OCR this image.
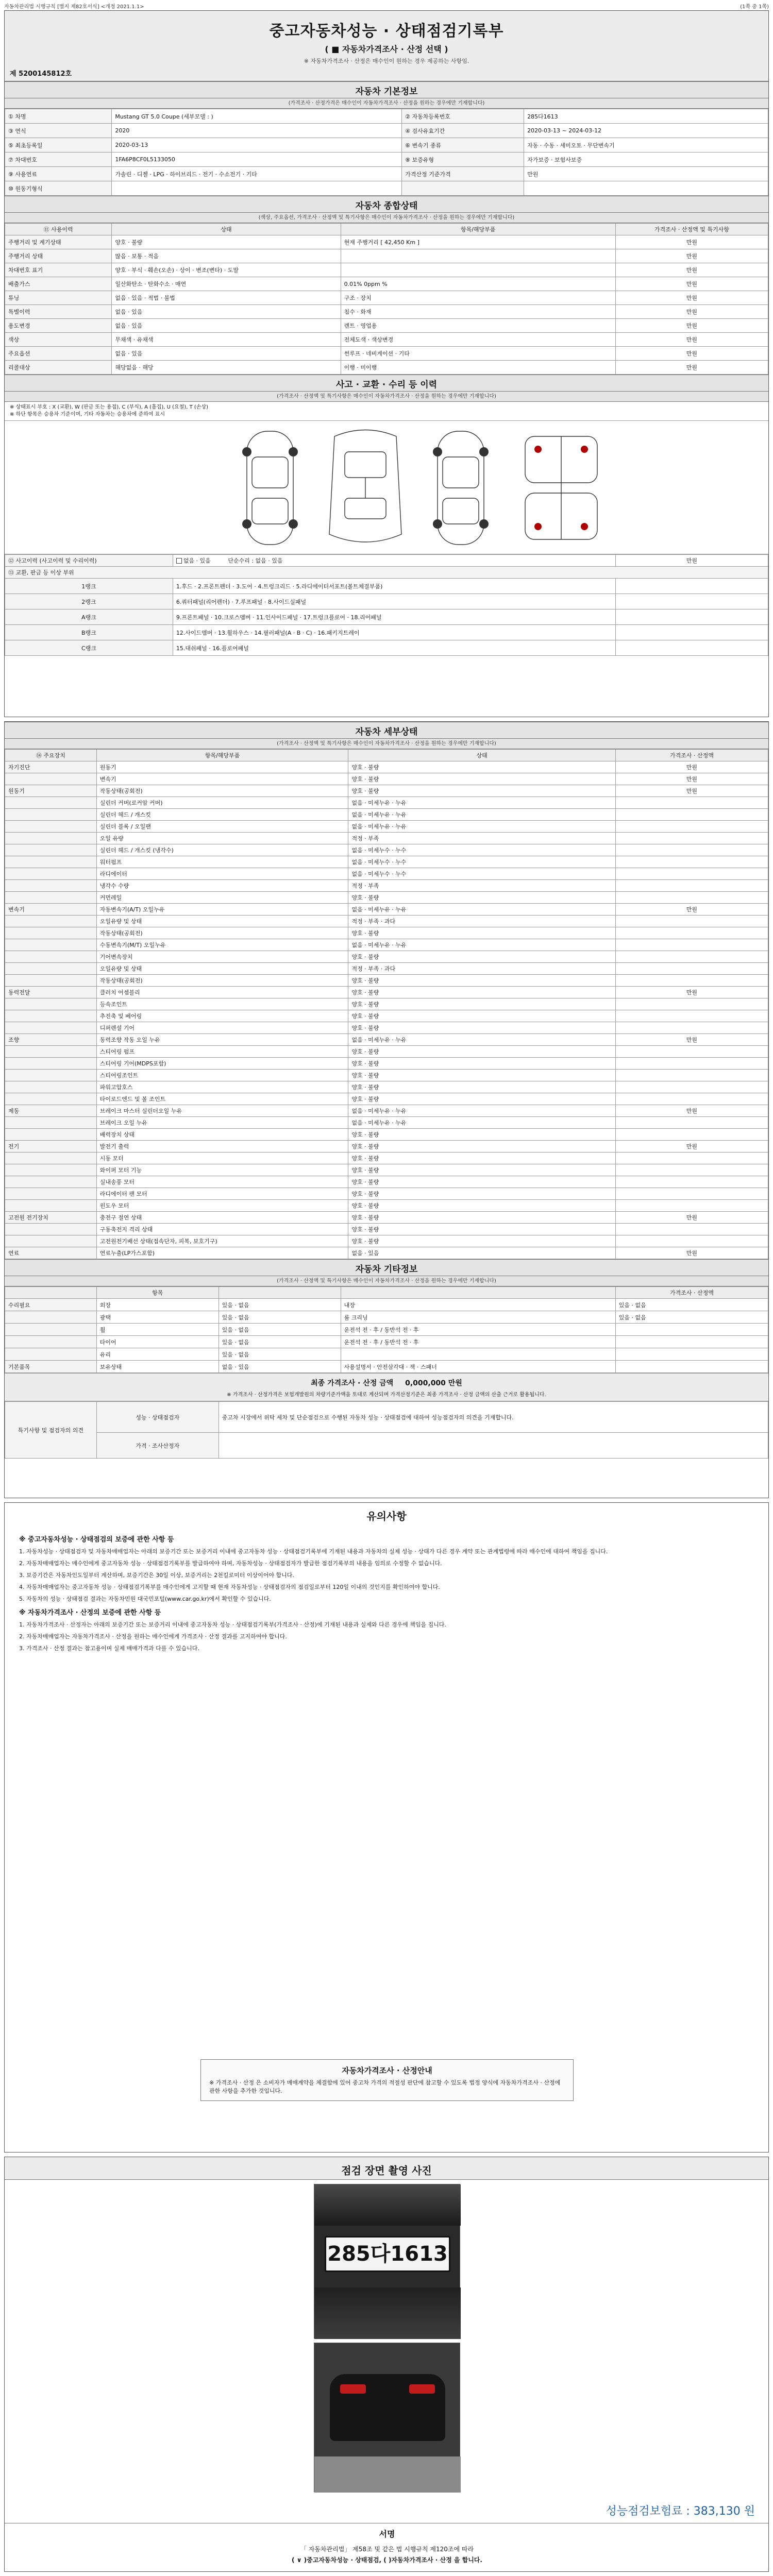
자동차관리법 시행규칙 [별지 제82호서식] <개정 2021.1.1>	(1쪽 중 1쪽)
중고자동차성능 · 상태점검기록부
( ■ 자동차가격조사 · 산정 선택 )
※ 자동차가격조사 · 산정은 매수인이 원하는 경우 제공하는 사항임.
제 5200145812호
자동차 기본정보
(가격조사 · 산정가격은 매수인이 자동차가격조사 · 산정을 원하는 경우에만 기재합니다)
① 차명	Mustang GT 5.0 Coupe (세부모델 : )	② 자동차등록번호	285다1613
③ 연식	2020	④ 검사유효기간	2020-03-13 ~ 2024-03-12
⑤ 최초등록일	2020-03-13	⑥ 변속기 종류	자동 · 수동 · 세미오토 · 무단변속기
⑦ 차대번호	1FA6P8CF0L5133050	⑧ 보증유형	자가보증 · 보험사보증
⑨ 사용연료	가솔린 · 디젤 · LPG · 하이브리드 · 전기 · 수소전기 · 기타	가격산정 기준가격	만원
⑩ 원동기형식			
자동차 종합상태
(색상, 주요옵션, 가격조사 · 산정액 및 특기사항은 매수인이 자동차가격조사 · 산정을 원하는 경우에만 기재합니다)
⑪ 사용이력	상태	항목/해당부품	가격조사 · 산정액 및 특기사항
주행거리 및 계기상태	양호 · 불량	현재 주행거리 [ 42,450 Km ]	만원
주행거리 상태	많음 · 보통 · 적음		만원
차대번호 표기	양호 · 부식 · 훼손(오손) · 상이 · 변조(변타) · 도말		만원
배출가스	일산화탄소 · 탄화수소 · 매연	0.01% 0ppm %	만원
튜닝	없음 · 있음 · 적법 · 불법	구조 · 장치	만원
특별이력	없음 · 있음	침수 · 화재	만원
용도변경	없음 · 있음	렌트 · 영업용	만원
색상	무채색 · 유채색	전체도색 · 색상변경	만원
주요옵션	없음 · 있음	썬루프 · 네비게이션 · 기타	만원
리콜대상	해당없음 · 해당	이행 · 미이행	만원
사고 · 교환 · 수리 등 이력
(가격조사 · 산정액 및 특기사항은 매수인이 자동차가격조사 · 산정을 원하는 경우에만 기재합니다)
※ 상태표시 부호 : X (교환), W (판금 또는 용접), C (부식), A (흠집), U (요철), T (손상)
※ 하단 항목은 승용차 기준이며, 기타 자동차는 승용차에 준하여 표시
⑫ 사고이력 (사고이력 및 수리이력)	없음 · 있음 단순수리 : 없음 · 있음	만원
⑬ 교환, 판금 등 이상 부위		
1랭크	1.후드 · 2.프론트펜더 · 3.도어 · 4.트렁크리드 · 5.라디에이터서포트(볼트체결부품)	
2랭크	6.쿼터패널(리어펜더) · 7.루프패널 · 8.사이드실패널	
A랭크	9.프론트패널 · 10.크로스멤버 · 11.인사이드패널 · 17.트렁크플로어 · 18.리어패널	
B랭크	12.사이드멤버 · 13.휠하우스 · 14.필러패널(A · B · C) · 16.패키지트레이	
C랭크	15.대쉬패널 · 16.플로어패널	
자동차 세부상태
(가격조사 · 산정액 및 특기사항은 매수인이 자동차가격조사 · 산정을 원하는 경우에만 기재합니다)
⑭ 주요장치	항목/해당부품	상태	가격조사 · 산정액
자기진단	원동기	양호 · 불량	만원
	변속기	양호 · 불량	만원
원동기	작동상태(공회전)	양호 · 불량	만원
	실린더 커버(로커암 커버)	없음 · 미세누유 · 누유	
	실린더 헤드 / 개스킷	없음 · 미세누유 · 누유	
	실린더 블록 / 오일팬	없음 · 미세누유 · 누유	
	오일 유량	적정 · 부족	
	실린더 헤드 / 개스킷 (냉각수)	없음 · 미세누수 · 누수	
	워터펌프	없음 · 미세누수 · 누수	
	라디에이터	없음 · 미세누수 · 누수	
	냉각수 수량	적정 · 부족	
	커먼레일	양호 · 불량	
변속기	자동변속기(A/T) 오일누유	없음 · 미세누유 · 누유	만원
	오일유량 및 상태	적정 · 부족 · 과다	
	작동상태(공회전)	양호 · 불량	
	수동변속기(M/T) 오일누유	없음 · 미세누유 · 누유	
	기어변속장치	양호 · 불량	
	오일유량 및 상태	적정 · 부족 · 과다	
	작동상태(공회전)	양호 · 불량	
동력전달	클러치 어셈블리	양호 · 불량	만원
	등속조인트	양호 · 불량	
	추진축 및 베어링	양호 · 불량	
	디퍼렌셜 기어	양호 · 불량	
조향	동력조향 작동 오일 누유	없음 · 미세누유 · 누유	만원
	스티어링 펌프	양호 · 불량	
	스티어링 기어(MDPS포함)	양호 · 불량	
	스티어링조인트	양호 · 불량	
	파워고압호스	양호 · 불량	
	타이로드엔드 및 볼 조인트	양호 · 불량	
제동	브레이크 마스터 실린더오일 누유	없음 · 미세누유 · 누유	만원
	브레이크 오일 누유	없음 · 미세누유 · 누유	
	배력장치 상태	양호 · 불량	
전기	발전기 출력	양호 · 불량	만원
	시동 모터	양호 · 불량	
	와이퍼 모터 기능	양호 · 불량	
	실내송풍 모터	양호 · 불량	
	라디에이터 팬 모터	양호 · 불량	
	윈도우 모터	양호 · 불량	
고전원 전기장치	충전구 절연 상태	양호 · 불량	만원
	구동축전지 격리 상태	양호 · 불량	
	고전원전기배선 상태(접속단자, 피복, 보호기구)	양호 · 불량	
연료	연료누출(LP가스포함)	없음 · 있음	만원
자동차 기타정보
(가격조사 · 산정액 및 특기사항은 매수인이 자동차가격조사 · 산정을 원하는 경우에만 기재합니다)
	항목			가격조사 · 산정액
수리필요	외장	있음 · 없음	내장	있음 · 없음
	광택	있음 · 없음	룸 크리닝	있음 · 없음
	휠	있음 · 없음	운전석 전 · 후 / 동반석 전 · 후	
	타이어	있음 · 없음	운전석 전 · 후 / 동반석 전 · 후	
	유리	있음 · 없음		
기본품목	보유상태	없음 · 있음	사용설명서 · 안전삼각대 · 잭 · 스패너	
최종 가격조사 · 산정 금액 0,000,000 만원
※ 가격조사 · 산정가격은 보험개발원의 차량기준가액을 토대로 계산되며 가격산정기준은 최종 가격조사 · 산정 금액의 산출 근거로 활용됩니다.
특기사항 및 점검자의 의견	성능 · 상태점검자	중고차 시장에서 위탁 세차 및 단순점검으로 수행된 자동차 성능 · 상태점검에 대하여 성능점검자의 의견을 기재합니다.
	가격 · 조사산정자	
유의사항
※ 중고자동차성능 · 상태점검의 보증에 관한 사항 등

1. 자동차성능 · 상태점검자 및 자동차매매업자는 아래의 보증기간 또는 보증거리 이내에 중고자동차 성능 · 상태점검기록부에 기재된 내용과 자동차의 실제 성능 · 상태가 다른 경우 계약 또는 관계법령에 따라 매수인에 대하여 책임을 집니다.

2. 자동차매매업자는 매수인에게 중고자동차 성능 · 상태점검기록부를 발급하여야 하며, 자동차성능 · 상태점검자가 발급한 점검기록부의 내용을 임의로 수정할 수 없습니다.

3. 보증기간은 자동차인도일부터 계산하며, 보증기간은 30일 이상, 보증거리는 2천킬로미터 이상이어야 합니다.

4. 자동차매매업자는 중고자동차 성능 · 상태점검기록부를 매수인에게 고지할 때 현재 자동차성능 · 상태점검자의 점검일로부터 120일 이내의 것인지를 확인하여야 합니다.

5. 자동차의 성능 · 상태점검 결과는 자동차민원 대국민포털(www.car.go.kr)에서 확인할 수 있습니다.

※ 자동차가격조사 · 산정의 보증에 관한 사항 등

1. 자동차가격조사 · 산정자는 아래의 보증기간 또는 보증거리 이내에 중고자동차 성능 · 상태점검기록부(가격조사 · 산정)에 기재된 내용과 실제와 다른 경우에 책임을 집니다.

2. 자동차매매업자는 자동차가격조사 · 산정을 원하는 매수인에게 가격조사 · 산정 결과를 고지하여야 합니다.

3. 가격조사 · 산정 결과는 참고용이며 실제 매매가격과 다를 수 있습니다.

자동차가격조사 · 산정안내
※ 가격조사 · 산정 은 소비자가 매매계약을 체결함에 있어 중고차 가격의 적절성 판단에 참고할 수 있도록 법정 양식에 자동차가격조사 · 산정에 관한 사항을 추가한 것입니다.
점검 장면 촬영 사진
285다1613
성능점검보험료 : 383,130 원
서명
「 자동차관리법」 제58조 및 같은 법 시행규칙 제120조에 따라
( ∨ )중고자동차성능 · 상태점검, ( )자동차가격조사 · 산정 을 합니다.
